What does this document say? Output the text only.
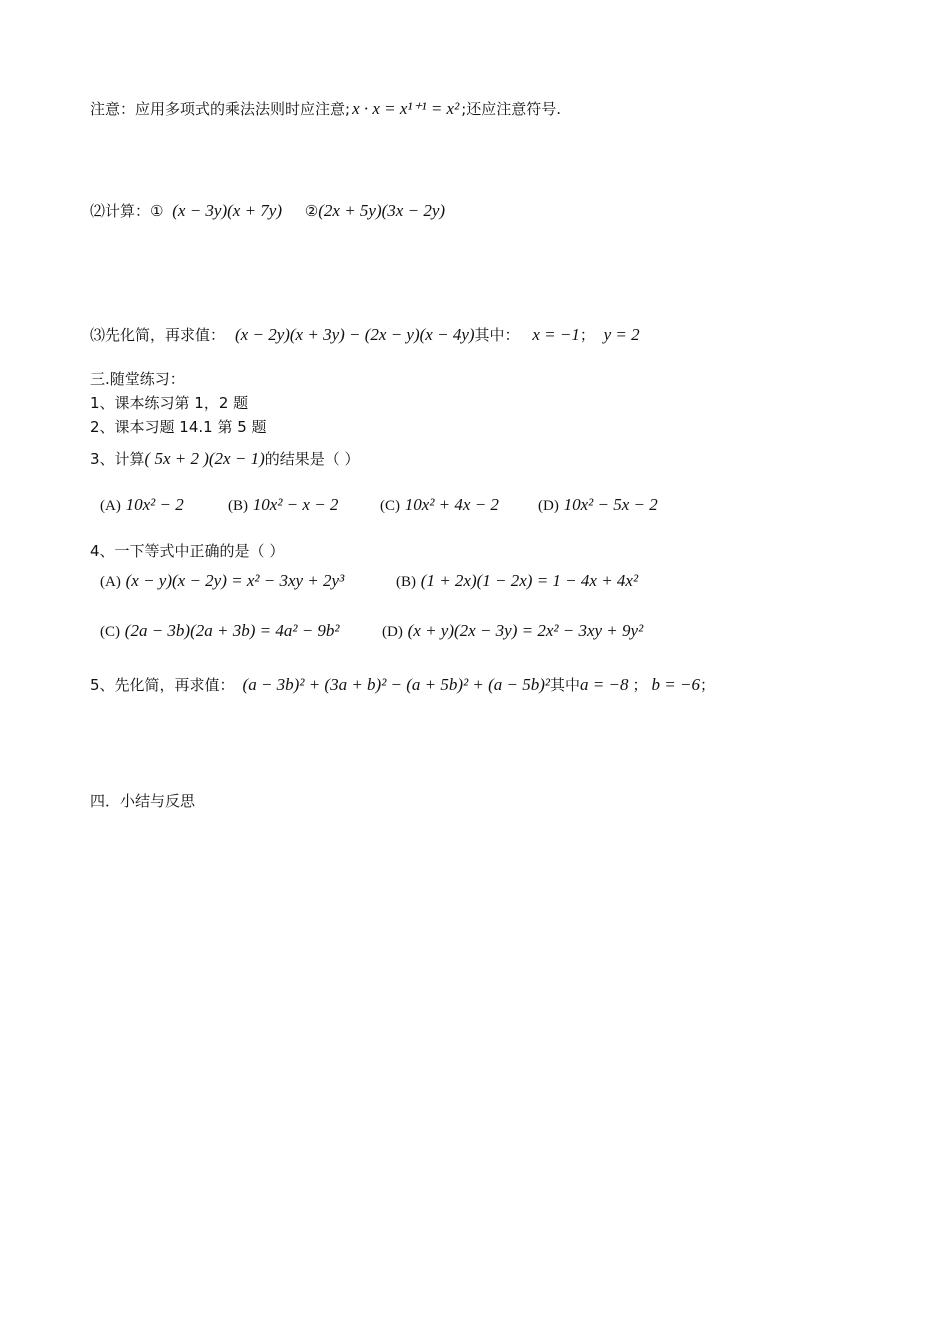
注意：应用多项式的乘法法则时应注意; x · x = x¹⁺¹ = x² ;还应注意符号.
⑵计算：① (x − 3y)(x + 7y) ②(2x + 5y)(3x − 2y)
⑶先化简，再求值： (x − 2y)(x + 3y) − (2x − y)(x − 4y)其中： x = −1； y = 2
三.随堂练习：
1、课本练习第 1，2 题
2、课本习题 14.1 第 5 题
3、计算( 5x + 2 )(2x − 1)的结果是（ ）
(A) 10x² − 2	(B) 10x² − x − 2	(C) 10x² + 4x − 2	(D) 10x² − 5x − 2
4、一下等式中正确的是（ ）
(A) (x − y)(x − 2y) = x² − 3xy + 2y³	(B) (1 + 2x)(1 − 2x) = 1 − 4x + 4x²
(C) (2a − 3b)(2a + 3b) = 4a² − 9b²	(D) (x + y)(2x − 3y) = 2x² − 3xy + 9y²
5、先化简，再求值： (a − 3b)² + (3a + b)² − (a + 5b)² + (a − 5b)²其中a = −8 ； b = −6；
四．小结与反思
